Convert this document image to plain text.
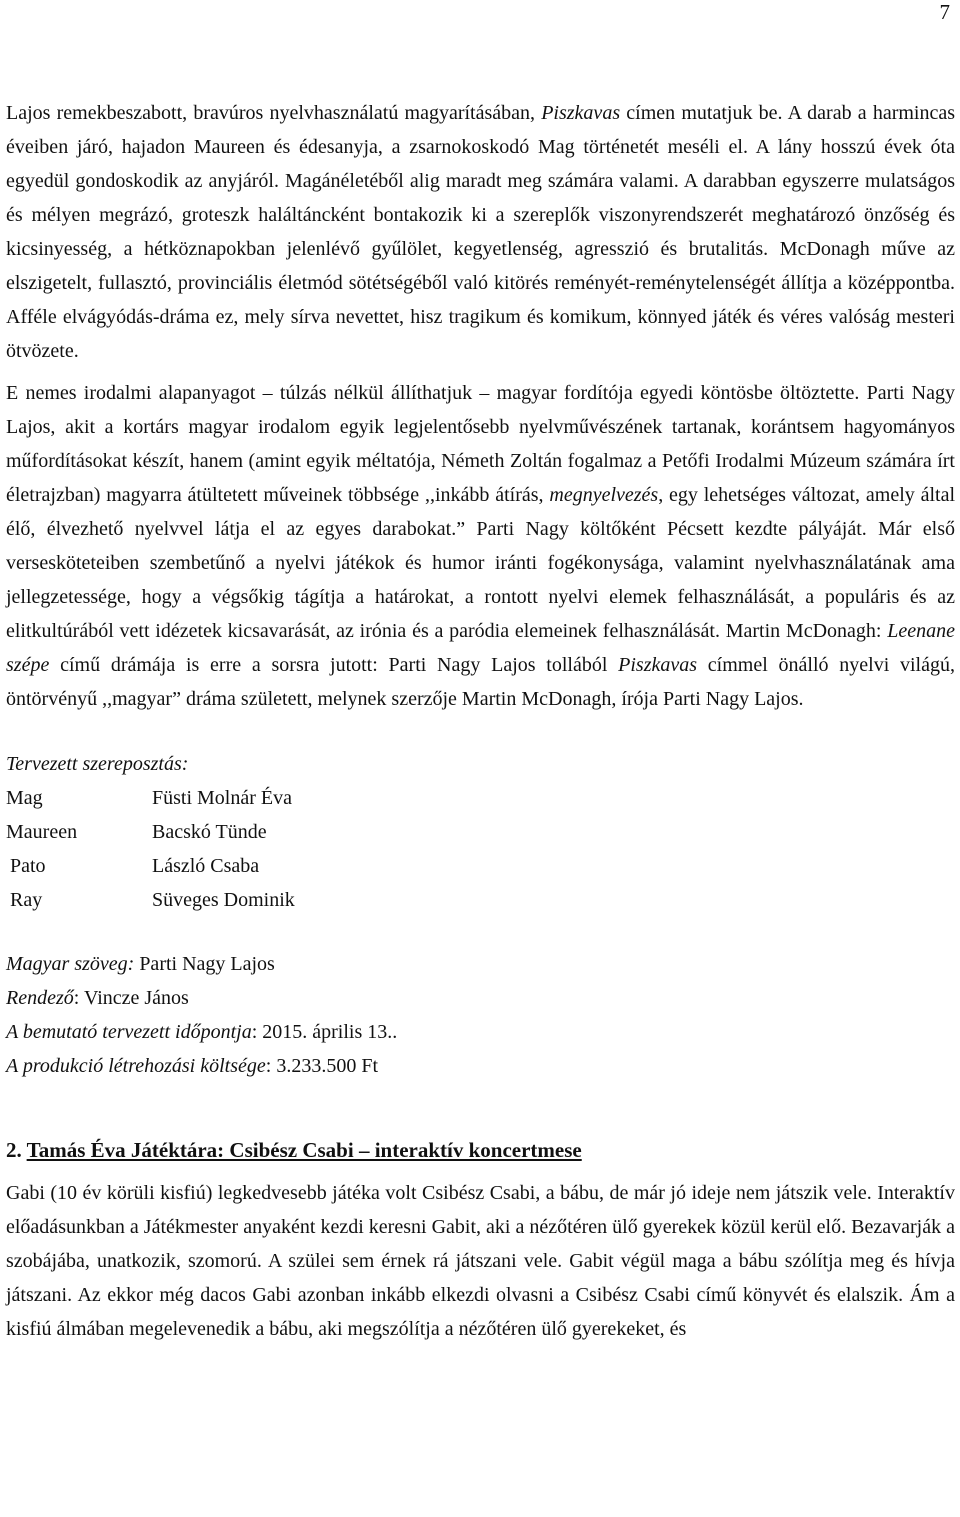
7

Lajos remekbeszabott, bravúros nyelvhasználatú magyarításában, Piszkavas címen mutatjuk be. A darab a harmincas éveiben járó, hajadon Maureen és édesanyja, a zsarnokoskodó Mag történetét meséli el. A lány hosszú évek óta egyedül gondoskodik az anyjáról. Magánéletéből alig maradt meg számára valami. A darabban egyszerre mulatságos és mélyen megrázó, groteszk haláltáncként bontakozik ki a szereplők viszonyrendszerét meghatározó önzőség és kicsinyesség, a hétköznapokban jelenlévő gyűlölet, kegyetlenség, agresszió és brutalitás. McDonagh műve az elszigetelt, fullasztó, provinciális életmód sötétségéből való kitörés reményét-reménytelenségét állítja a középpontba. Afféle elvágyódás-dráma ez, mely sírva nevettet, hisz tragikum és komikum, könnyed játék és véres valóság mesteri ötvözete.

E nemes irodalmi alapanyagot – túlzás nélkül állíthatjuk – magyar fordítója egyedi köntösbe öltöztette. Parti Nagy Lajos, akit a kortárs magyar irodalom egyik legjelentősebb nyelvművészének tartanak, korántsem hagyományos műfordításokat készít, hanem (amint egyik méltatója, Németh Zoltán fogalmaz a Petőfi Irodalmi Múzeum számára írt életrajzban) magyarra átültetett műveinek többsége ,,inkább átírás, megnyelvezés, egy lehetséges változat, amely által élő, élvezhető nyelvvel látja el az egyes darabokat.” Parti Nagy költőként Pécsett kezdte pályáját. Már első versesköteteiben szembetűnő a nyelvi játékok és humor iránti fogékonysága, valamint nyelvhasználatának ama jellegzetessége, hogy a végsőkig tágítja a határokat, a rontott nyelvi elemek felhasználását, a populáris és az elitkultúrából vett idézetek kicsavarását, az irónia és a paródia elemeinek felhasználását. Martin McDonagh: Leenane szépe című drámája is erre a sorsra jutott: Parti Nagy Lajos tollából Piszkavas címmel önálló nyelvi világú, öntörvényű ,,magyar” dráma született, melynek szerzője Martin McDonagh, írója Parti Nagy Lajos.

Tervezett szereposztás:
Mag	Füsti Molnár Éva
Maureen	Bacskó Tünde
Pato	László Csaba
Ray	Süveges Dominik
Magyar szöveg: Parti Nagy Lajos
Rendező: Vincze János
A bemutató tervezett időpontja: 2015. április 13..
A produkció létrehozási költsége: 3.233.500 Ft
2. Tamás Éva Játéktára: Csibész Csabi – interaktív koncertmese

Gabi (10 év körüli kisfiú) legkedvesebb játéka volt Csibész Csabi, a bábu, de már jó ideje nem játszik vele. Interaktív előadásunkban a Játékmester anyaként kezdi keresni Gabit, aki a nézőtéren ülő gyerekek közül kerül elő. Bezavarják a szobájába, unatkozik, szomorú. A szülei sem érnek rá játszani vele. Gabit végül maga a bábu szólítja meg és hívja játszani. Az ekkor még dacos Gabi azonban inkább elkezdi olvasni a Csibész Csabi című könyvét és elalszik. Ám a kisfiú álmában megelevenedik a bábu, aki megszólítja a nézőtéren ülő gyerekeket, és
